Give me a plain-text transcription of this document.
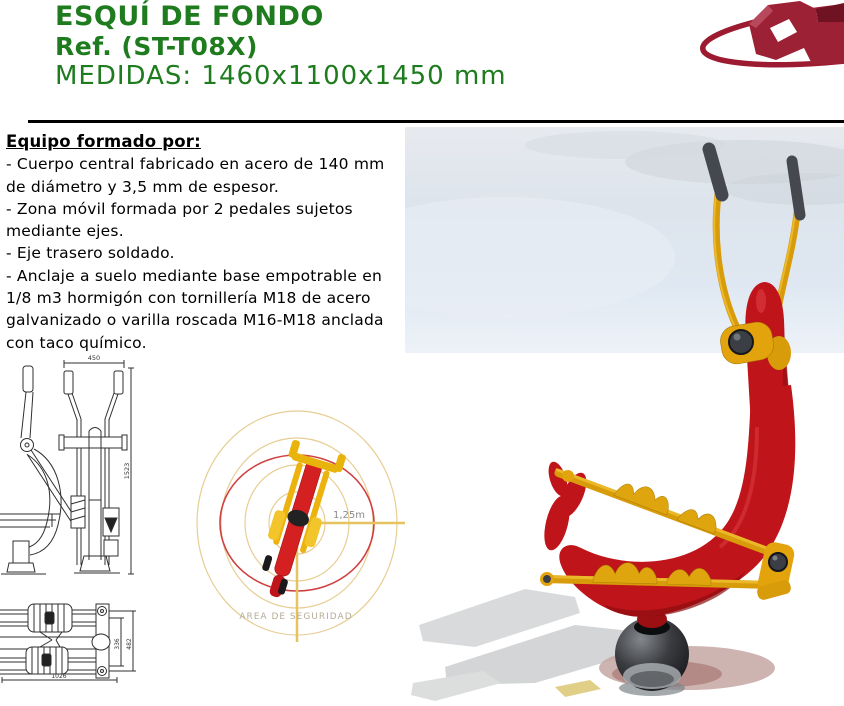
ESQUÍ DE FONDO
Ref. (ST-T08X)
MEDIDAS: 1460x1100x1450 mm
Equipo formado por:
- Cuerpo central fabricado en acero de 140 mm
de diámetro y 3,5 mm de espesor.
- Zona móvil formada por 2 pedales sujetos
mediante ejes.
- Eje trasero soldado.
- Anclaje a suelo mediante base empotrable en
1/8 m3 hormigón con tornillería M18 de acero
galvanizado o varilla roscada M16-M18 anclada
con taco químico.
450
1523
1026
336 482
1,25m
AREA DE SEGURIDAD
